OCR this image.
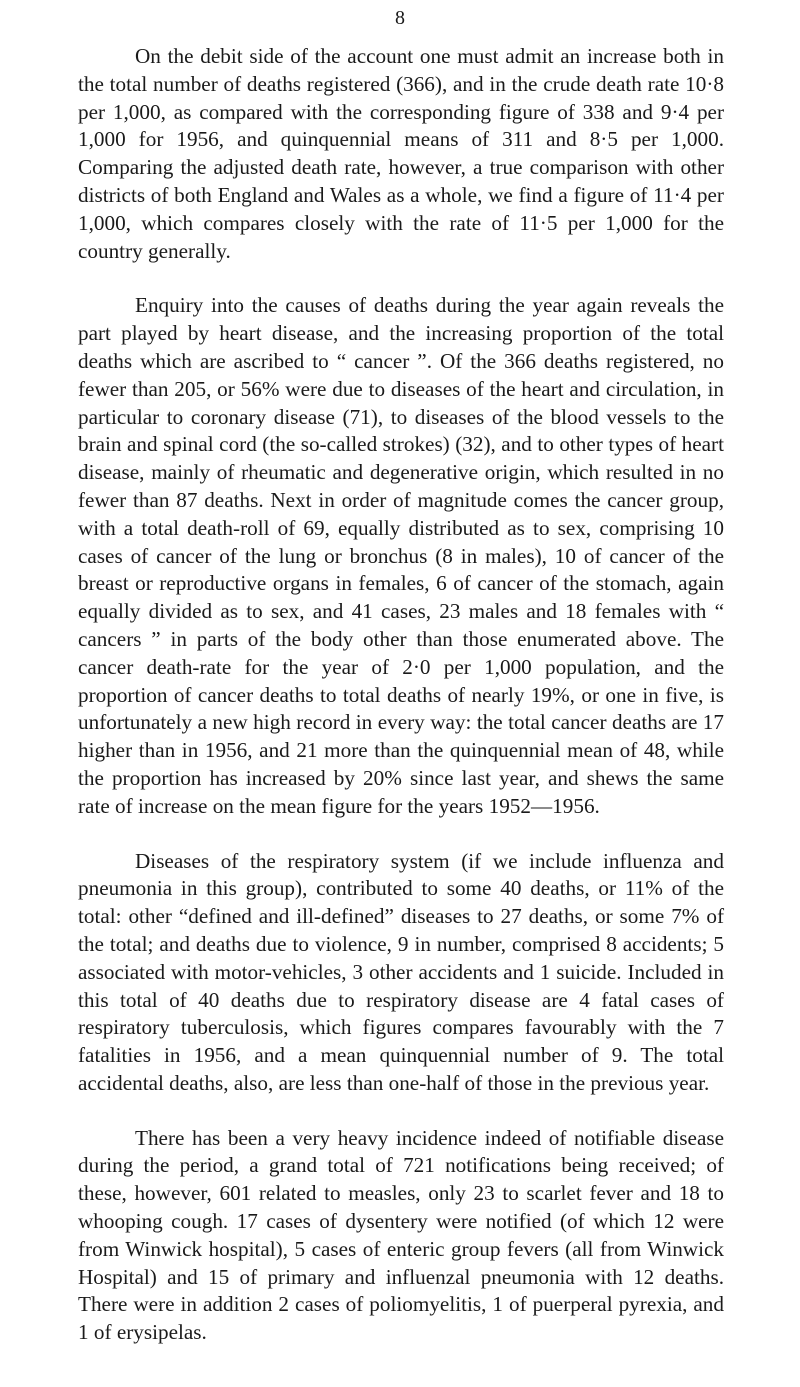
8

On the debit side of the account one must admit an increase both in the total number of deaths registered (366), and in the crude death rate 10·8 per 1,000, as compared with the corresponding figure of 338 and 9·4 per 1,000 for 1956, and quinquennial means of 311 and 8·5 per 1,000. Comparing the adjusted death rate, however, a true comparison with other districts of both England and Wales as a whole, we find a figure of 11·4 per 1,000, which compares closely with the rate of 11·5 per 1,000 for the country generally.

Enquiry into the causes of deaths during the year again reveals the part played by heart disease, and the increasing proportion of the total deaths which are ascribed to “ cancer ”. Of the 366 deaths registered, no fewer than 205, or 56% were due to diseases of the heart and circulation, in particular to coronary disease (71), to diseases of the blood vessels to the brain and spinal cord (the so-called strokes) (32), and to other types of heart disease, mainly of rheumatic and degenerative origin, which resulted in no fewer than 87 deaths. Next in order of magnitude comes the cancer group, with a total death-roll of 69, equally distributed as to sex, comprising 10 cases of cancer of the lung or bronchus (8 in males), 10 of cancer of the breast or reproductive organs in females, 6 of cancer of the stomach, again equally divided as to sex, and 41 cases, 23 males and 18 females with “ cancers ” in parts of the body other than those enumerated above. The cancer death-rate for the year of 2·0 per 1,000 population, and the proportion of cancer deaths to total deaths of nearly 19%, or one in five, is unfortunately a new high record in every way: the total cancer deaths are 17 higher than in 1956, and 21 more than the quinquennial mean of 48, while the proportion has increased by 20% since last year, and shews the same rate of increase on the mean figure for the years 1952—1956.

Diseases of the respiratory system (if we include influenza and pneumonia in this group), contributed to some 40 deaths, or 11% of the total: other “defined and ill-defined” diseases to 27 deaths, or some 7% of the total; and deaths due to violence, 9 in number, comprised 8 accidents; 5 associated with motor-vehicles, 3 other accidents and 1 suicide. Included in this total of 40 deaths due to respiratory disease are 4 fatal cases of respiratory tuberculosis, which figures compares favourably with the 7 fatalities in 1956, and a mean quinquennial number of 9. The total accidental deaths, also, are less than one-half of those in the previous year.

There has been a very heavy incidence indeed of notifiable disease during the period, a grand total of 721 notifications being received; of these, however, 601 related to measles, only 23 to scarlet fever and 18 to whooping cough. 17 cases of dysentery were notified (of which 12 were from Winwick hospital), 5 cases of enteric group fevers (all from Winwick Hospital) and 15 of primary and influenzal pneumonia with 12 deaths. There were in addition 2 cases of poliomyelitis, 1 of puerperal pyrexia, and 1 of erysipelas.
